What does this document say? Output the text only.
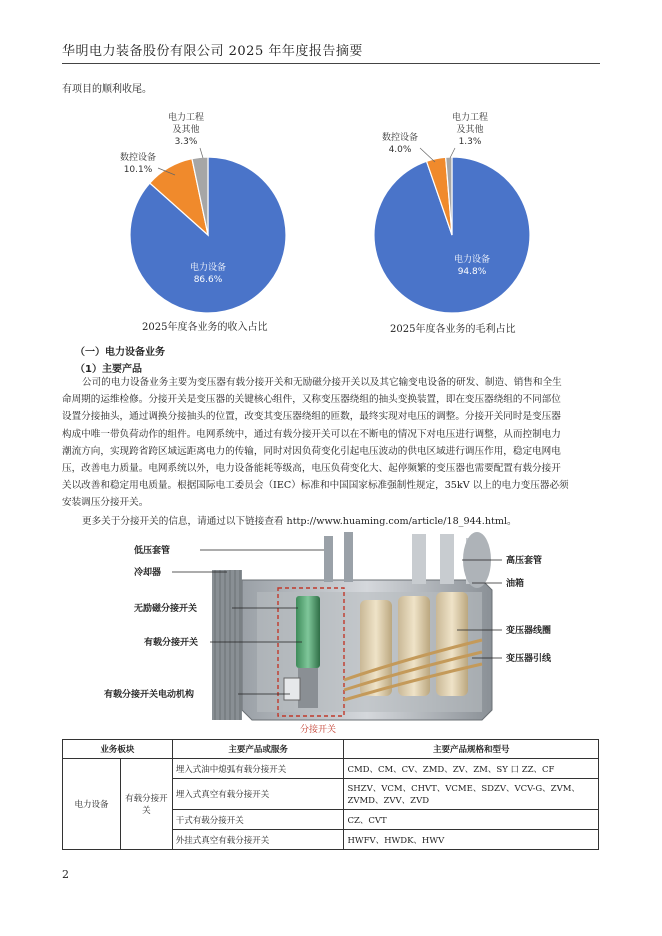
华明电力装备股份有限公司 2025 年年度报告摘要
有项目的顺利收尾。
电力设备
86.6%
数控设备
10.1%
电力工程
及其他
3.3%
2025年度各业务的收入占比
电力设备
94.8%
数控设备
4.0%
电力工程
及其他
1.3%
2025年度各业务的毛利占比
（一）电力设备业务
（1）主要产品
公司的电力设备业务主要为变压器有载分接开关和无励磁分接开关以及其它输变电设备的研发、制造、销售和全生
命周期的运维检修。分接开关是变压器的关键核心组件，又称变压器绕组的抽头变换装置，即在变压器绕组的不同部位
设置分接抽头，通过调换分接抽头的位置，改变其变压器绕组的匝数，最终实现对电压的调整。分接开关同时是变压器
构成中唯一带负荷动作的组件。电网系统中，通过有载分接开关可以在不断电的情况下对电压进行调整，从而控制电力
潮流方向，实现跨省跨区域远距离电力的传输，同时对因负荷变化引起电压波动的供电区域进行调压作用，稳定电网电
压，改善电力质量。电网系统以外，电力设备能耗等级高，电压负荷变化大、起停频繁的变压器也需要配置有载分接开
关以改善和稳定用电质量。根据国际电工委员会（IEC）标准和中国国家标准强制性规定，35kV 以上的电力变压器必须
安装调压分接开关。
更多关于分接开关的信息，请通过以下链接查看 http://www.huaming.com/article/18_944.html。
低压套管
冷却器
无励磁分接开关
有载分接开关
有载分接开关电动机构
高压套管
油箱
变压器线圈
变压器引线
分接开关
业务板块		主要产品或服务	主要产品规格和型号
电力设备	有载分接开关	埋入式油中熄弧有载分接开关	CMD、CM、CV、ZMD、ZV、ZM、SY 口 ZZ、CF
		埋入式真空有载分接开关	SHZV、VCM、CHVT、VCME、SDZV、VCV-G、ZVM、ZVMD、ZVV、ZVD
		干式有载分接开关	CZ、CVT
		外挂式真空有载分接开关	HWFV、HWDK、HWV
2
